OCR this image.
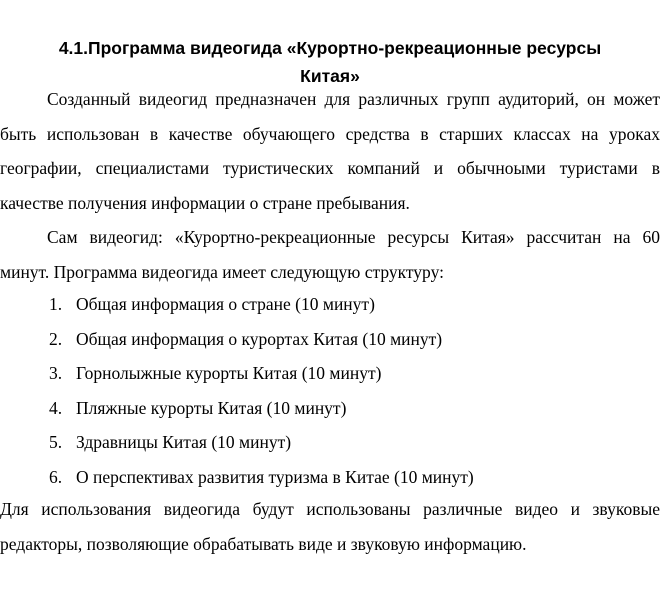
4.1.Программа видеогида «Курортно-рекреационные ресурсы
Китая»

Созданный видеогид предназначен для различных групп аудиторий, он может быть использован в качестве обучающего средства в старших классах на уроках географии, специалистами туристических компаний и обычноыми туристами в качестве получения информации о стране пребывания.

Сам видеогид: «Курортно-рекреационные ресурсы Китая» рассчитан на 60 минут. Программа видеогида имеет следующую структуру:

1. Общая информация о стране (10 минут)
2. Общая информация о курортах Китая (10 минут)
3. Горнолыжные курорты Китая (10 минут)
4. Пляжные курорты Китая (10 минут)
5. Здравницы Китая (10 минут)
6. О перспективах развития туризма в Китае (10 минут)

Для использования видеогида будут использованы различные видео и звуковые редакторы, позволяющие обрабатывать виде и звуковую информацию.
